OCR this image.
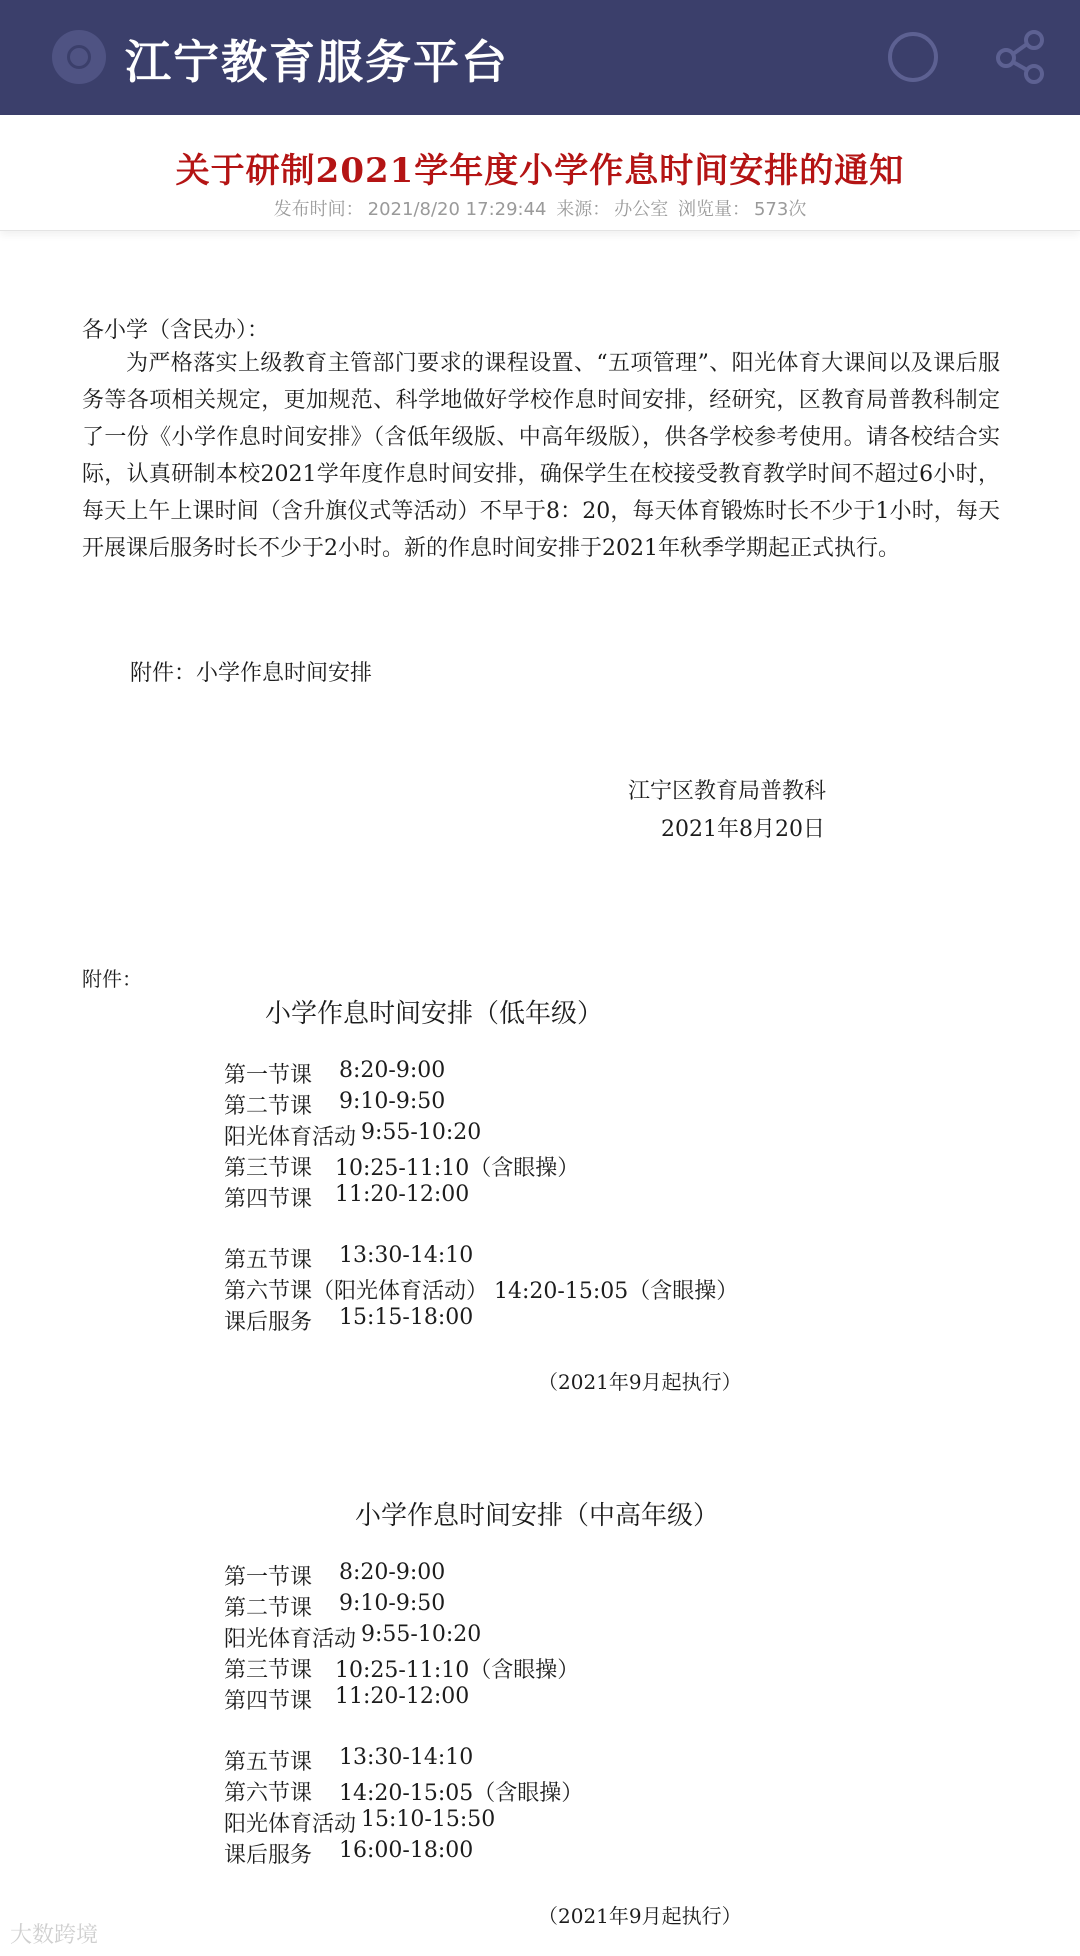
江宁教育服务平台
关于研制2021学年度小学作息时间安排的通知
发布时间： 2021/8/20 17:29:44 来源： 办公室 浏览量： 573次
各小学（含民办）：
为严格落实上级教育主管部门要求的课程设置、“五项管理”、阳光体育大课间以及课后服务等各项相关规定，更加规范、科学地做好学校作息时间安排，经研究，区教育局普教科制定了一份《小学作息时间安排》（含低年级版、中高年级版），供各学校参考使用。请各校结合实际，认真研制本校2021学年度作息时间安排，确保学生在校接受教育教学时间不超过6小时，每天上午上课时间（含升旗仪式等活动）不早于8：20，每天体育锻炼时长不少于1小时，每天开展课后服务时长不少于2小时。新的作息时间安排于2021年秋季学期起正式执行。
附件：小学作息时间安排
江宁区教育局普教科
2021年8月20日
附件：
小学作息时间安排（低年级）
第一节课 8:20-9:00
第二节课 9:10-9:50
阳光体育活动 9:55-10:20
第三节课 10:25-11:10（含眼操）
第四节课 11:20-12:00
第五节课 13:30-14:10
第六节课（阳光体育活动） 14:20-15:05（含眼操）
课后服务 15:15-18:00
（2021年9月起执行）
小学作息时间安排（中高年级）
第一节课 8:20-9:00
第二节课 9:10-9:50
阳光体育活动 9:55-10:20
第三节课 10:25-11:10（含眼操）
第四节课 11:20-12:00
第五节课 13:30-14:10
第六节课 14:20-15:05（含眼操）
阳光体育活动 15:10-15:50
课后服务 16:00-18:00
（2021年9月起执行）
大数跨境
